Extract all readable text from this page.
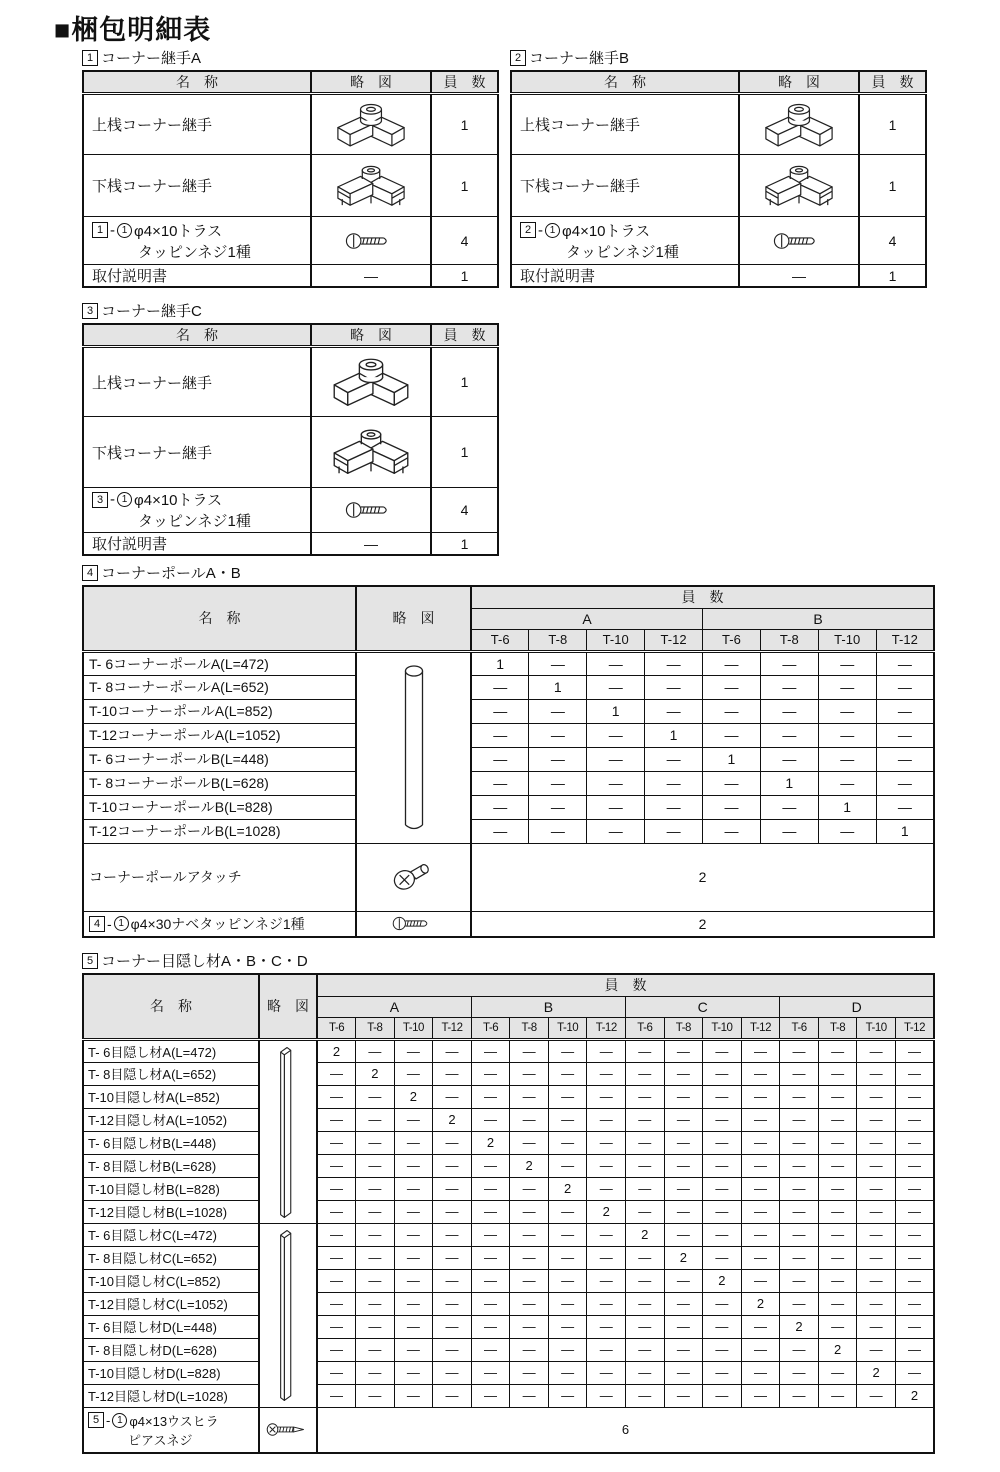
■梱包明細表
1 コーナー継手A
名　称	略　図	員　数
上桟コーナー継手		1
下桟コーナー継手		1

1 - 1 φ4×10トラス
タッピンネジ1種		4
取付説明書	—	1
2 コーナー継手B
名　称	略　図	員　数
上桟コーナー継手		1
下桟コーナー継手		1

2 - 1 φ4×10トラス
タッピンネジ1種		4
取付説明書	—	1
3 コーナー継手C
名　称	略　図	員　数
上桟コーナー継手		1
下桟コーナー継手		1

3 - 1 φ4×10トラス
タッピンネジ1種		4
取付説明書	—	1
4 コーナーポールA・B
名　称	略　図	員　数							
		A				B			
		T-6	T-8	T-10	T-12	T-6	T-8	T-10	T-12
T- 6コーナーポールA(L=472)		1	—	—	—	—	—	—	—
T- 8コーナーポールA(L=652)		—	1	—	—	—	—	—	—
T-10コーナーポールA(L=852)		—	—	1	—	—	—	—	—
T-12コーナーポールA(L=1052)		—	—	—	1	—	—	—	—
T- 6コーナーポールB(L=448)		—	—	—	—	1	—	—	—
T- 8コーナーポールB(L=628)		—	—	—	—	—	1	—	—
T-10コーナーポールB(L=828)		—	—	—	—	—	—	1	—
T-12コーナーポールB(L=1028)		—	—	—	—	—	—	—	1
コーナーポールアタッチ		2							

4 - 1 φ4×30ナベタッピンネジ1種		2							
5 コーナー目隠し材A・B・C・D
名　称	略　図	員　数															
		A				B				C				D			
		T-6	T-8	T-10	T-12	T-6	T-8	T-10	T-12	T-6	T-8	T-10	T-12	T-6	T-8	T-10	T-12
T- 6目隠し材A(L=472)		2	—	—	—	—	—	—	—	—	—	—	—	—	—	—	—
T- 8目隠し材A(L=652)		—	2	—	—	—	—	—	—	—	—	—	—	—	—	—	—
T-10目隠し材A(L=852)		—	—	2	—	—	—	—	—	—	—	—	—	—	—	—	—
T-12目隠し材A(L=1052)		—	—	—	2	—	—	—	—	—	—	—	—	—	—	—	—
T- 6目隠し材B(L=448)		—	—	—	—	2	—	—	—	—	—	—	—	—	—	—	—
T- 8目隠し材B(L=628)		—	—	—	—	—	2	—	—	—	—	—	—	—	—	—	—
T-10目隠し材B(L=828)		—	—	—	—	—	—	2	—	—	—	—	—	—	—	—	—
T-12目隠し材B(L=1028)		—	—	—	—	—	—	—	2	—	—	—	—	—	—	—	—
T- 6目隠し材C(L=472)		—	—	—	—	—	—	—	—	2	—	—	—	—	—	—	—
T- 8目隠し材C(L=652)		—	—	—	—	—	—	—	—	—	2	—	—	—	—	—	—
T-10目隠し材C(L=852)		—	—	—	—	—	—	—	—	—	—	2	—	—	—	—	—
T-12目隠し材C(L=1052)		—	—	—	—	—	—	—	—	—	—	—	2	—	—	—	—
T- 6目隠し材D(L=448)		—	—	—	—	—	—	—	—	—	—	—	—	2	—	—	—
T- 8目隠し材D(L=628)		—	—	—	—	—	—	—	—	—	—	—	—	—	2	—	—
T-10目隠し材D(L=828)		—	—	—	—	—	—	—	—	—	—	—	—	—	—	2	—
T-12目隠し材D(L=1028)		—	—	—	—	—	—	—	—	—	—	—	—	—	—	—	2

5 - 1 φ4×13ウスヒラ
ピアスネジ		6															
